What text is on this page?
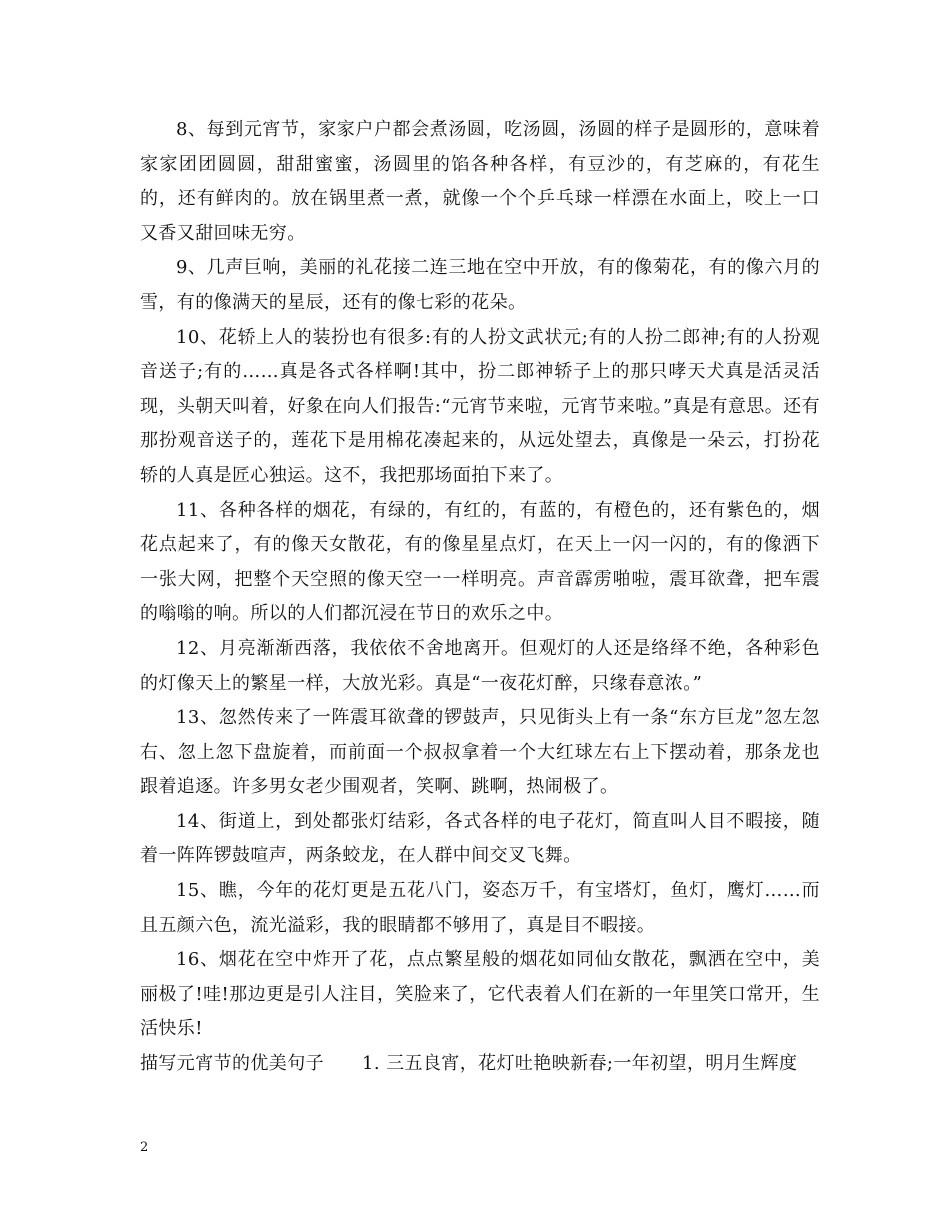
8、每到元宵节，家家户户都会煮汤圆，吃汤圆，汤圆的样子是圆形的，意味着家家团团圆圆，甜甜蜜蜜，汤圆里的馅各种各样，有豆沙的，有芝麻的，有花生的，还有鲜肉的。放在锅里煮一煮，就像一个个乒乓球一样漂在水面上，咬上一口又香又甜回味无穷。

9、几声巨响，美丽的礼花接二连三地在空中开放，有的像菊花，有的像六月的雪，有的像满天的星辰，还有的像七彩的花朵。

10、花轿上人的装扮也有很多:有的人扮文武状元;有的人扮二郎神;有的人扮观音送子;有的……真是各式各样啊!其中，扮二郎神轿子上的那只哮天犬真是活灵活现，头朝天叫着，好象在向人们报告:“元宵节来啦，元宵节来啦。”真是有意思。还有那扮观音送子的，莲花下是用棉花凑起来的，从远处望去，真像是一朵云，打扮花轿的人真是匠心独运。这不，我把那场面拍下来了。

11、各种各样的烟花，有绿的，有红的，有蓝的，有橙色的，还有紫色的，烟花点起来了，有的像天女散花，有的像星星点灯，在天上一闪一闪的，有的像洒下一张大网，把整个天空照的像天空一一样明亮。声音霹雳啪啦，震耳欲聋，把车震的嗡嗡的响。所以的人们都沉浸在节日的欢乐之中。

12、月亮渐渐西落，我依依不舍地离开。但观灯的人还是络绎不绝，各种彩色的灯像天上的繁星一样，大放光彩。真是“一夜花灯醉，只缘春意浓。”

13、忽然传来了一阵震耳欲聋的锣鼓声，只见街头上有一条“东方巨龙”忽左忽右、忽上忽下盘旋着，而前面一个叔叔拿着一个大红球左右上下摆动着，那条龙也跟着追逐。许多男女老少围观者，笑啊、跳啊，热闹极了。

14、街道上，到处都张灯结彩，各式各样的电子花灯，简直叫人目不暇接，随着一阵阵锣鼓喧声，两条蛟龙，在人群中间交叉飞舞。

15、瞧，今年的花灯更是五花八门，姿态万千，有宝塔灯，鱼灯，鹰灯……而且五颜六色，流光溢彩，我的眼睛都不够用了，真是目不暇接。

16、烟花在空中炸开了花，点点繁星般的烟花如同仙女散花，飘洒在空中，美丽极了!哇!那边更是引人注目，笑脸来了，它代表着人们在新的一年里笑口常开，生活快乐!

描写元宵节的优美句子	1. 三五良宵，花灯吐艳映新春;一年初望，明月生辉度

2
